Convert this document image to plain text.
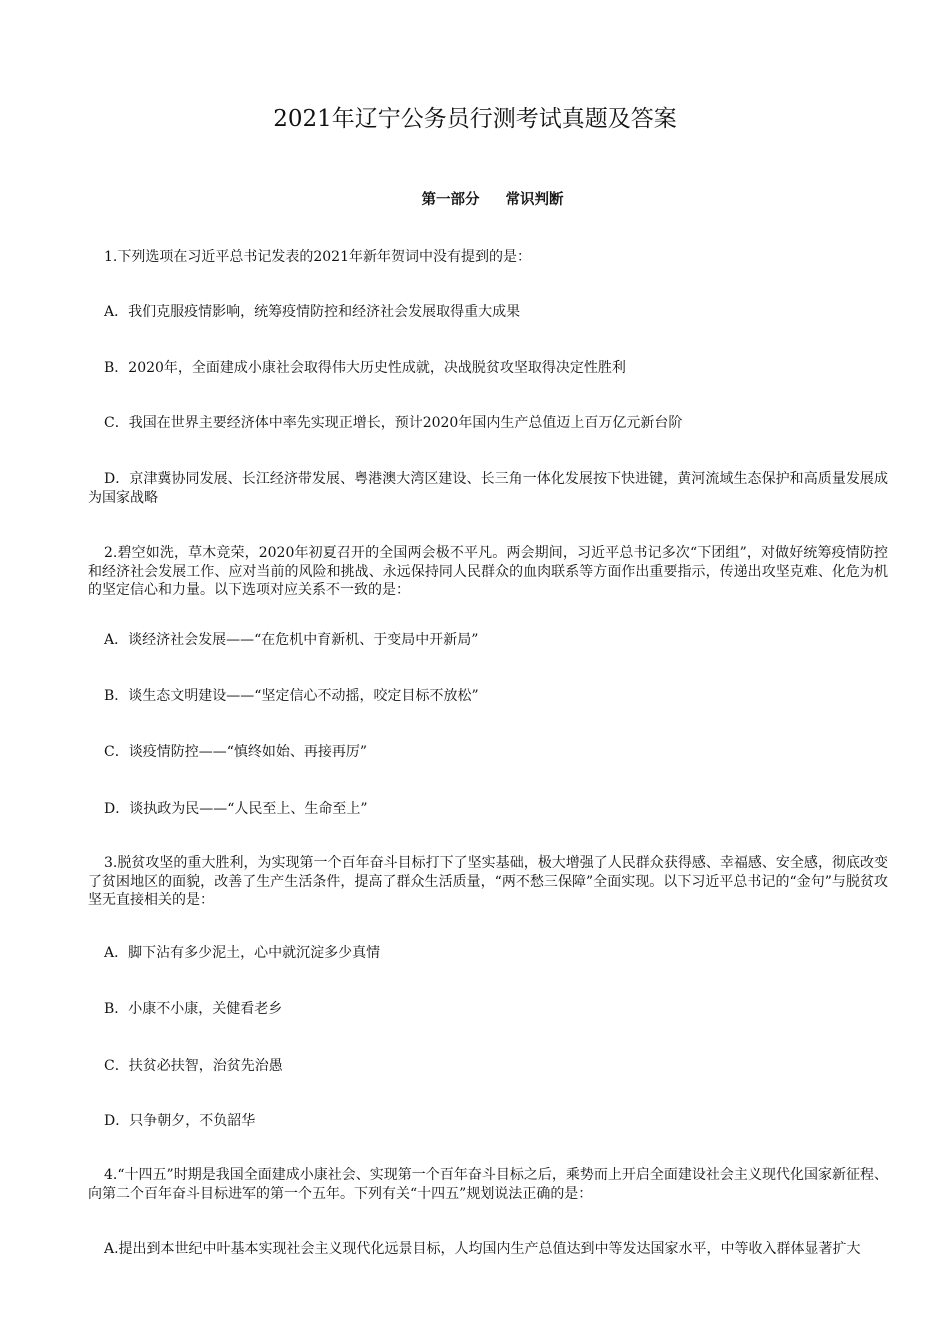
2021年辽宁公务员行测考试真题及答案
第一部分 常识判断

1.下列选项在习近平总书记发表的2021年新年贺词中没有提到的是：

A．我们克服疫情影响，统筹疫情防控和经济社会发展取得重大成果

B．2020年，全面建成小康社会取得伟大历史性成就，决战脱贫攻坚取得决定性胜利

C．我国在世界主要经济体中率先实现正增长，预计2020年国内生产总值迈上百万亿元新台阶

D．京津冀协同发展、长江经济带发展、粤港澳大湾区建设、长三角一体化发展按下快进键，黄河流域生态保护和高质量发展成为国家战略

2.碧空如洗，草木竞荣，2020年初夏召开的全国两会极不平凡。两会期间，习近平总书记多次“下团组”，对做好统筹疫情防控和经济社会发展工作、应对当前的风险和挑战、永远保持同人民群众的血肉联系等方面作出重要指示，传递出攻坚克难、化危为机的坚定信心和力量。以下选项对应关系不一致的是：

A．谈经济社会发展——“在危机中育新机、于变局中开新局”

B．谈生态文明建设——“坚定信心不动摇，咬定目标不放松”

C．谈疫情防控——“慎终如始、再接再厉”

D．谈执政为民——“人民至上、生命至上”

3.脱贫攻坚的重大胜利，为实现第一个百年奋斗目标打下了坚实基础，极大增强了人民群众获得感、幸福感、安全感，彻底改变了贫困地区的面貌，改善了生产生活条件，提高了群众生活质量，“两不愁三保障”全面实现。以下习近平总书记的“金句”与脱贫攻坚无直接相关的是：

A．脚下沾有多少泥土，心中就沉淀多少真情

B．小康不小康，关健看老乡

C．扶贫必扶智，治贫先治愚

D．只争朝夕，不负韶华

4.“十四五”时期是我国全面建成小康社会、实现第一个百年奋斗目标之后，乘势而上开启全面建设社会主义现代化国家新征程、向第二个百年奋斗目标进军的第一个五年。下列有关“十四五”规划说法正确的是：

A.提出到本世纪中叶基本实现社会主义现代化远景目标，人均国内生产总值达到中等发达国家水平，中等收入群体显著扩大
